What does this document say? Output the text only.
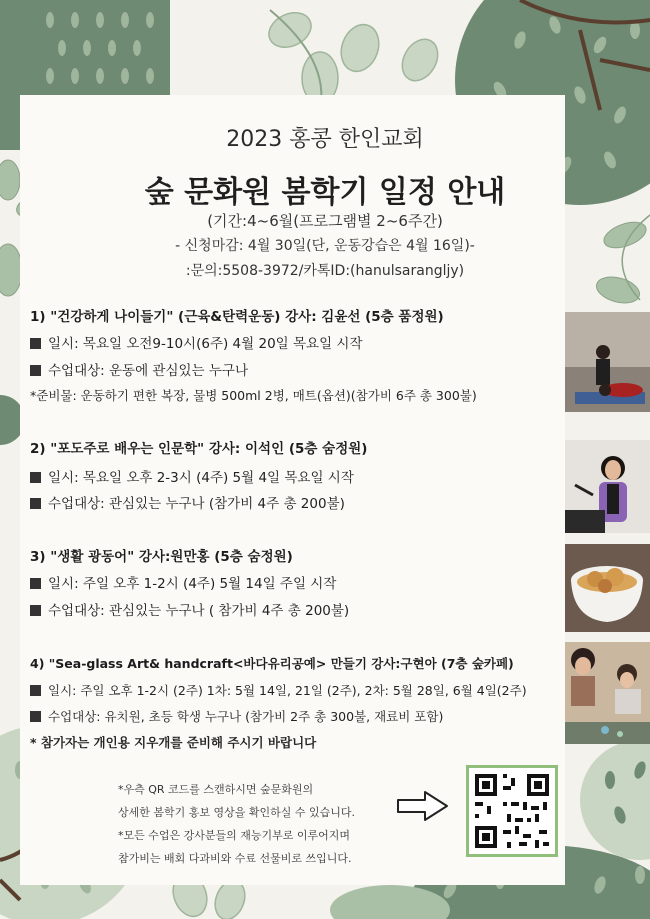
2023 홍콩 한인교회
숲 문화원 봄학기 일정 안내
(기간:4~6월(프로그램별 2~6주간)
- 신청마감: 4월 30일(단, 운동강습은 4월 16일)-
:문의:5508-3972/카톡ID:(hanulsarangljy)
1) "건강하게 나이들기" (근육&탄력운동) 강사: 김윤선 (5층 품정원)
일시: 목요일 오전9-10시(6주) 4월 20일 목요일 시작
수업대상: 운동에 관심있는 누구나
*준비물: 운동하기 편한 복장, 물병 500ml 2병, 매트(옵션)(참가비 6주 총 300불)
2) "포도주로 배우는 인문학" 강사: 이석인 (5층 숨정원)
일시: 목요일 오후 2-3시 (4주) 5월 4일 목요일 시작
수업대상: 관심있는 누구나 (참가비 4주 총 200불)
3) "생활 광동어" 강사:원만홍 (5층 숨정원)
일시: 주일 오후 1-2시 (4주) 5월 14일 주일 시작
수업대상: 관심있는 누구나 ( 참가비 4주 총 200불)
4) "Sea-glass Art& handcraft<바다유리공예> 만들기 강사:구현아 (7층 숲카페)
일시: 주일 오후 1-2시 (2주) 1차: 5월 14일, 21일 (2주), 2차: 5월 28일, 6월 4일(2주)
수업대상: 유치원, 초등 학생 누구나 (참가비 2주 총 300불, 재료비 포함)
* 참가자는 개인용 지우개를 준비해 주시기 바랍니다
*우측 QR 코드를 스캔하시면 숲문화원의
상세한 봄학기 홍보 영상을 확인하실 수 있습니다.
*모든 수업은 강사분들의 재능기부로 이루어지며
참가비는 배회 다과비와 수료 선물비로 쓰입니다.
